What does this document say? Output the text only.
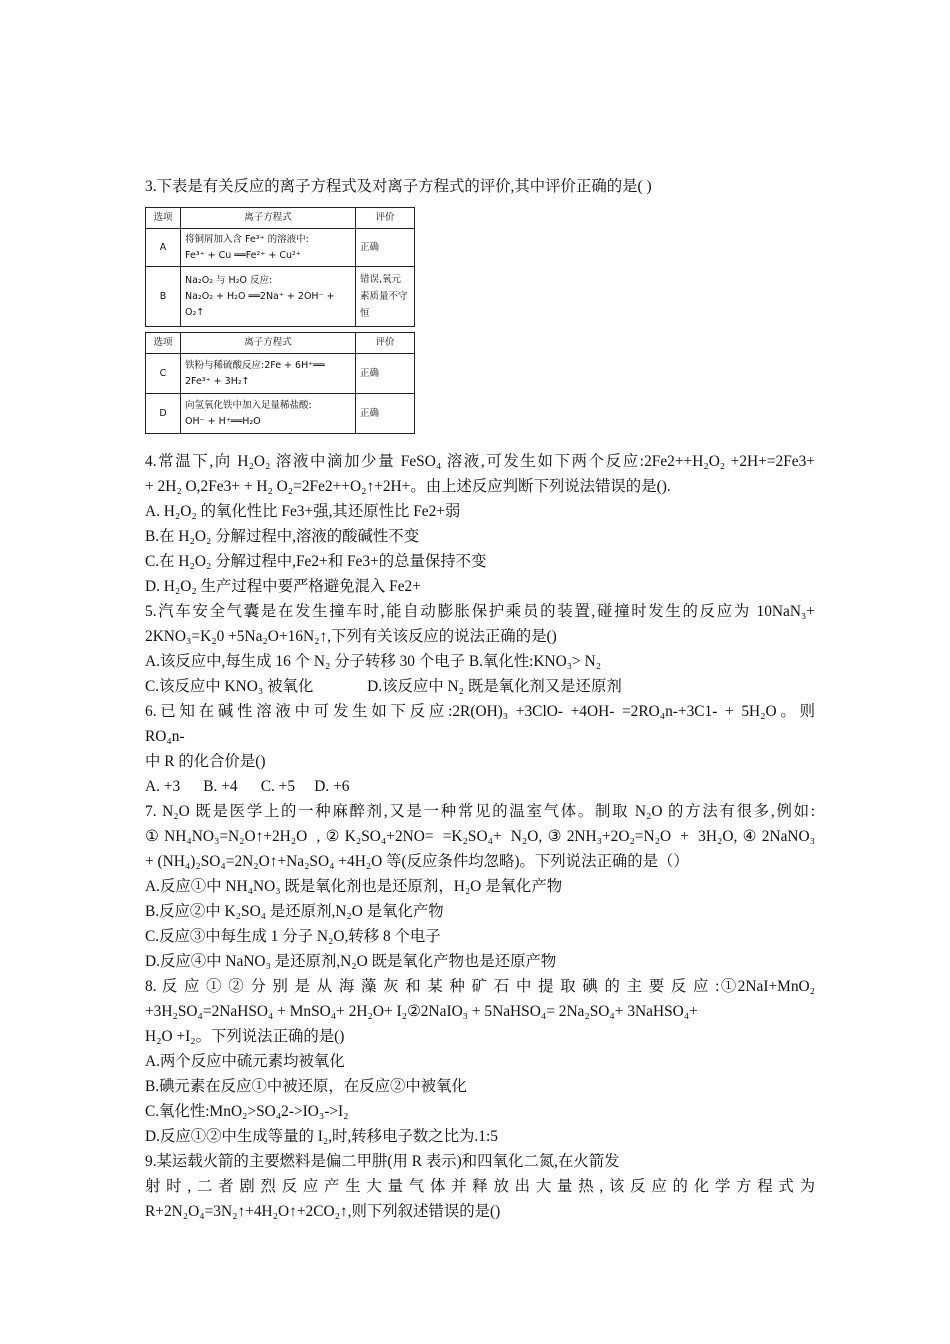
3.下表是有关反应的离子方程式及对离子方程式的评价,其中评价正确的是( )
选项	离子方程式	评价
A	将铜屑加入含 Fe³⁺ 的溶液中:
Fe³⁺ + Cu ══Fe²⁺ + Cu²⁺	正确
B	Na₂O₂ 与 H₂O 反应:
Na₂O₂ + H₂O ══2Na⁺ + 2OH⁻ +
O₂↑	错误,氧元素质量不守恒
选项	离子方程式	评价
C	铁粉与稀硫酸反应:2Fe + 6H⁺══
2Fe³⁺ + 3H₂↑	正确
D	向氢氧化铁中加入足量稀盐酸:
OH⁻ + H⁺══H₂O	正确
4.常温下,向 H₂O₂ 溶液中滴加少量 FeSO₄ 溶液,可发生如下两个反应:2Fe2++H₂O₂ +2H+=2Fe3+
+ 2H₂ O,2Fe3+ + H₂ O₂=2Fe2++O₂↑+2H+。由上述反应判断下列说法错误的是().
A. H₂O₂ 的氧化性比 Fe3+强,其还原性比 Fe2+弱
B.在 H₂O₂ 分解过程中,溶液的酸碱性不变
C.在 H₂O₂ 分解过程中,Fe2+和 Fe3+的总量保持不变
D. H₂O₂ 生产过程中要严格避免混入 Fe2+
5.汽车安全气囊是在发生撞车时,能自动膨胀保护乘员的装置,碰撞时发生的反应为 10NaN₃+
2KNO₃=K₂0 +5Na₂O+16N₂↑,下列有关该反应的说法正确的是()
A.该反应中,每生成 16 个 N₂ 分子转移 30 个电子 B.氧化性:KNO₃> N₂
C.该反应中 KNO₃ 被氧化              D.该反应中 N₂ 既是氧化剂又是还原剂
6.已知在碱性溶液中可发生如下反应:2R(OH)₃ +3ClO- +4OH- =2RO₄n-+3C1- + 5H₂O。则
RO₄n-
中 R 的化合价是()
A. +3      B. +4      C. +5     D. +6
7. N₂O 既是医学上的一种麻醉剂,又是一种常见的温室气体。制取 N₂O 的方法有很多,例如:
①NH₄NO₃=N₂O↑+2H₂O ,②K₂SO₄+2NO= =K₂SO₄+ N₂O,③2NH₃+2O₂=N₂O + 3H₂O,④2NaNO₃
+ (NH₄)₂SO₄=2N₂O↑+Na₂SO₄ +4H₂O 等(反应条件均忽略)。下列说法正确的是（）
A.反应①中 NH₄NO₃ 既是氧化剂也是还原剂，H₂O 是氧化产物
B.反应②中 K₂SO₄ 是还原剂,N₂O 是氧化产物
C.反应③中每生成 1 分子 N₂O,转移 8 个电子
D.反应④中 NaNO₃ 是还原剂,N₂O 既是氧化产物也是还原产物
8. 反 应 ① ② 分 别 是 从 海 藻 灰 和 某 种 矿 石 中 提 取 碘 的 主 要 反 应 :①2NaI+MnO₂
+3H₂SO₄=2NaHSO₄ + MnSO₄+ 2H₂O+ I₂②2NaIO₃ + 5NaHSO₄= 2Na₂SO₄+ 3NaHSO₄+
H₂O +I₂。下列说法正确的是()
A.两个反应中硫元素均被氧化
B.碘元素在反应①中被还原，在反应②中被氧化
C.氧化性:MnO₂>SO₄2->IO₃->I₂
D.反应①②中生成等量的 I₂,时,转移电子数之比为.1:5
9.某运载火箭的主要燃料是偏二甲肼(用 R 表示)和四氧化二氮,在火箭发
射时,二者剧烈反应产生大量气体并释放出大量热,该反应的化学方程式为
R+2N₂O₄=3N₂↑+4H₂O↑+2CO₂↑,则下列叙述错误的是()
